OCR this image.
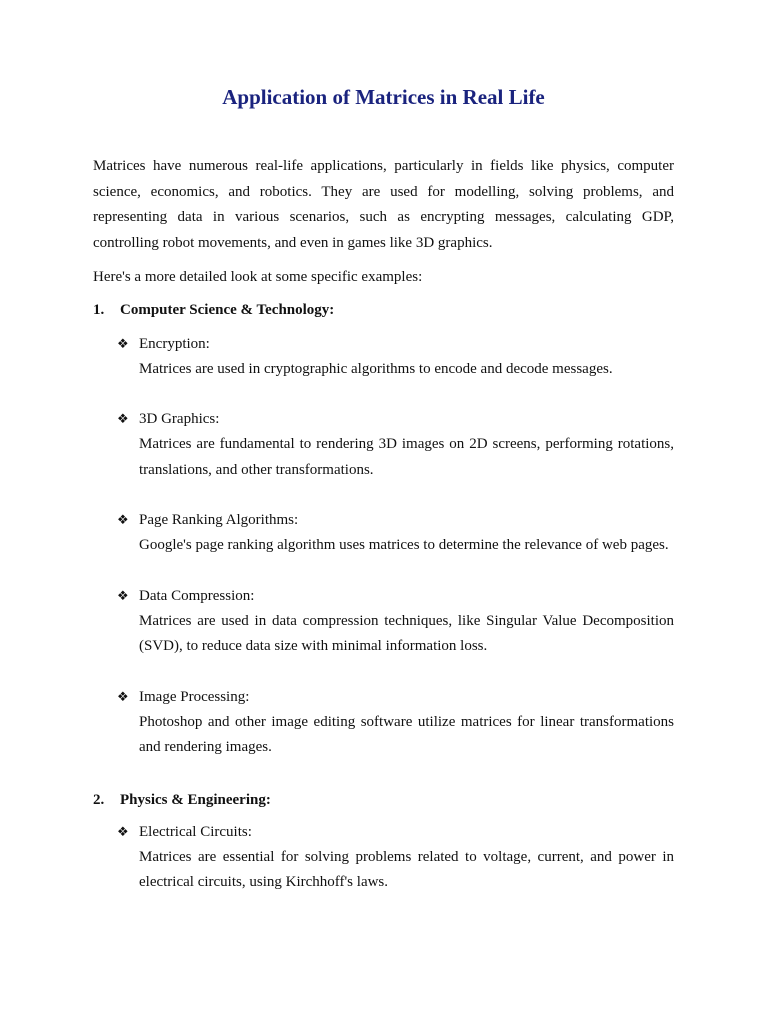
Application of Matrices in Real Life

Matrices have numerous real-life applications, particularly in fields like physics, computer science, economics, and robotics. They are used for modelling, solving problems, and representing data in various scenarios, such as encrypting messages, calculating GDP, controlling robot movements, and even in games like 3D graphics.

Here's a more detailed look at some specific examples:

1.	Computer Science & Technology:
❖ Encryption:

Matrices are used in cryptographic algorithms to encode and decode messages.

❖ 3D Graphics:

Matrices are fundamental to rendering 3D images on 2D screens, performing rotations, translations, and other transformations.

❖ Page Ranking Algorithms:

Google's page ranking algorithm uses matrices to determine the relevance of web pages.

❖ Data Compression:

Matrices are used in data compression techniques, like Singular Value Decomposition (SVD), to reduce data size with minimal information loss.

❖ Image Processing:

Photoshop and other image editing software utilize matrices for linear transformations and rendering images.

2.	Physics & Engineering:
❖ Electrical Circuits:

Matrices are essential for solving problems related to voltage, current, and power in electrical circuits, using Kirchhoff's laws.
